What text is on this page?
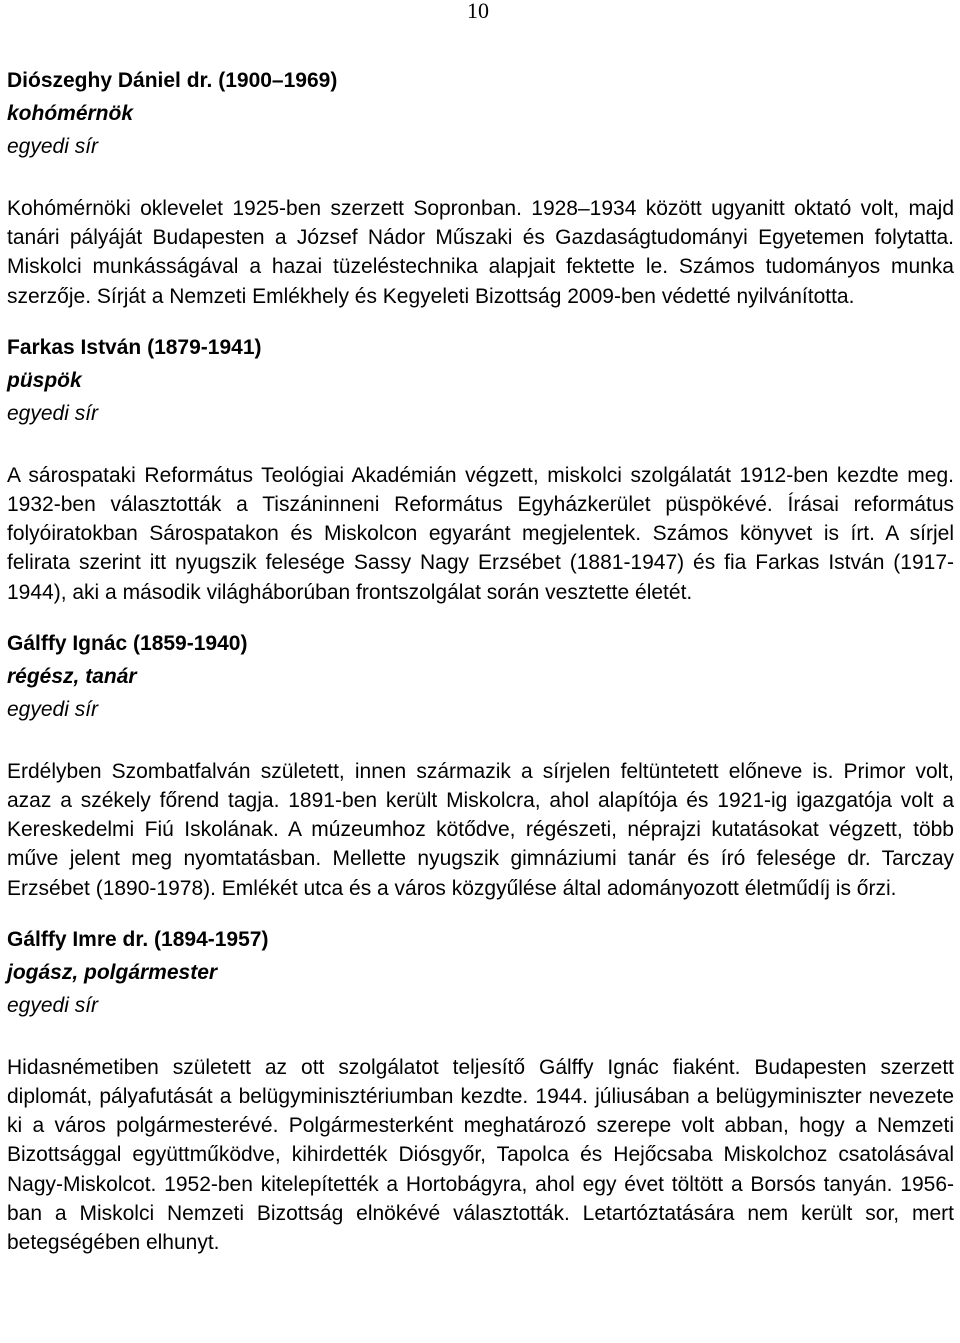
10
Diószeghy Dániel dr. (1900–1969)
kohómérnök
egyedi sír
Kohómérnöki oklevelet 1925-ben szerzett Sopronban. 1928–1934 között ugyanitt oktató volt, majd tanári pályáját Budapesten a József Nádor Műszaki és Gazdaságtudományi Egyetemen folytatta. Miskolci munkásságával a hazai tüzeléstechnika alapjait fektette le. Számos tudományos munka szerzője. Sírját a Nemzeti Emlékhely és Kegyeleti Bizottság 2009-ben védetté nyilvánította.
Farkas István (1879-1941)
püspök
egyedi sír
A sárospataki Református Teológiai Akadémián végzett, miskolci szolgálatát 1912-ben kezdte meg. 1932-ben választották a Tiszáninneni Református Egyházkerület püspökévé. Írásai református folyóiratokban Sárospatakon és Miskolcon egyaránt megjelentek. Számos könyvet is írt. A sírjel felirata szerint itt nyugszik felesége Sassy Nagy Erzsébet (1881-1947) és fia Farkas István (1917-1944), aki a második világháborúban frontszolgálat során vesztette életét.
Gálffy Ignác (1859-1940)
régész, tanár
egyedi sír
Erdélyben Szombatfalván született, innen származik a sírjelen feltüntetett előneve is. Primor volt, azaz a székely főrend tagja. 1891-ben került Miskolcra, ahol alapítója és 1921-ig igazgatója volt a Kereskedelmi Fiú Iskolának. A múzeumhoz kötődve, régészeti, néprajzi kutatásokat végzett, több műve jelent meg nyomtatásban. Mellette nyugszik gimnáziumi tanár és író felesége dr. Tarczay Erzsébet (1890-1978). Emlékét utca és a város közgyűlése által adományozott életműdíj is őrzi.
Gálffy Imre dr. (1894-1957)
jogász, polgármester
egyedi sír
Hidasnémetiben született az ott szolgálatot teljesítő Gálffy Ignác fiaként. Budapesten szerzett diplomát, pályafutását a belügyminisztériumban kezdte. 1944. júliusában a belügyminiszter nevezete ki a város polgármesterévé. Polgármesterként meghatározó szerepe volt abban, hogy a Nemzeti Bizottsággal együttműködve, kihirdették Diósgyőr, Tapolca és Hejőcsaba Miskolchoz csatolásával Nagy-Miskolcot. 1952-ben kitelepítették a Hortobágyra, ahol egy évet töltött a Borsós tanyán. 1956-ban a Miskolci Nemzeti Bizottság elnökévé választották. Letartóztatására nem került sor, mert betegségében elhunyt.
